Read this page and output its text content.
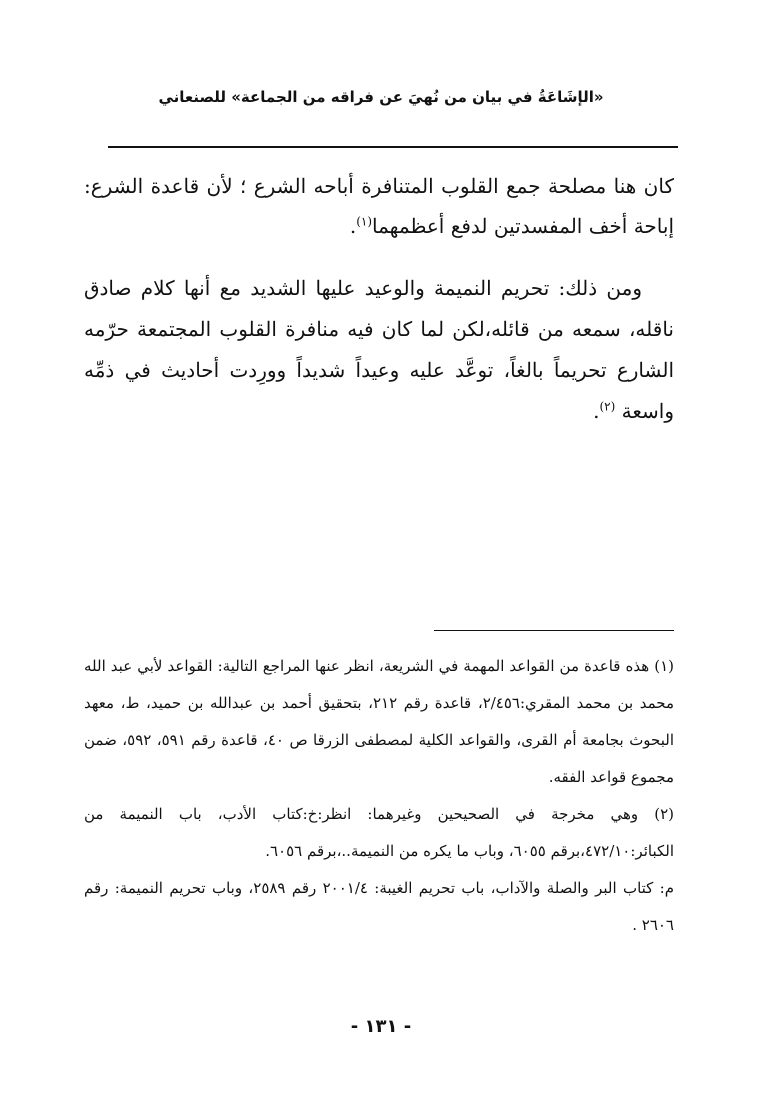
«الإشَاعَةُ في بيان من نُهيَ عن فراقه من الجماعة» للصنعاني
كان هنا مصلحة جمع القلوب المتنافرة أباحه الشرع ؛ لأن قاعدة الشرع: إباحة أخف المفسدتين لدفع أعظمهما$^{(١)}$.
ومن ذلك: تحريم النميمة والوعيد عليها الشديد مع أنها كلام صادق ناقله، سمعه من قائله،لكن لما كان فيه منافرة القلوب المجتمعة حرّمه الشارع تحريماً بالغاً، توعَّد عليه وعيداً شديداً وورِدت أحاديث في ذمِّه واسعة $^{(٢)}$.

(١) هذه قاعدة من القواعد المهمة في الشريعة، انظر عنها المراجع التالية: القواعد لأبي عبد الله محمد بن محمد المقري:٢/٤٥٦، قاعدة رقم ٢١٢، بتحقيق أحمد بن عبدالله بن حميد، ط، معهد البحوث بجامعة أم القرى، والقواعد الكلية لمصطفى الزرقا ص ٤٠، قاعدة رقم ٥٩١، ٥٩٢، ضمن مجموع قواعد الفقه.

(٢) وهي مخرجة في الصحيحين وغيرهما: انظر:خ:كتاب الأدب، باب النميمة من الكبائر:٤٧٢/١٠،برقم ٦٠٥٥، وباب ما يكره من النميمة..،برقم ٦٠٥٦.

م: كتاب البر والصلة والآداب، باب تحريم الغيبة: ٢٠٠١/٤ رقم ٢٥٨٩، وباب تحريم النميمة: رقم ٢٦٠٦ .

- ١٣١ -
